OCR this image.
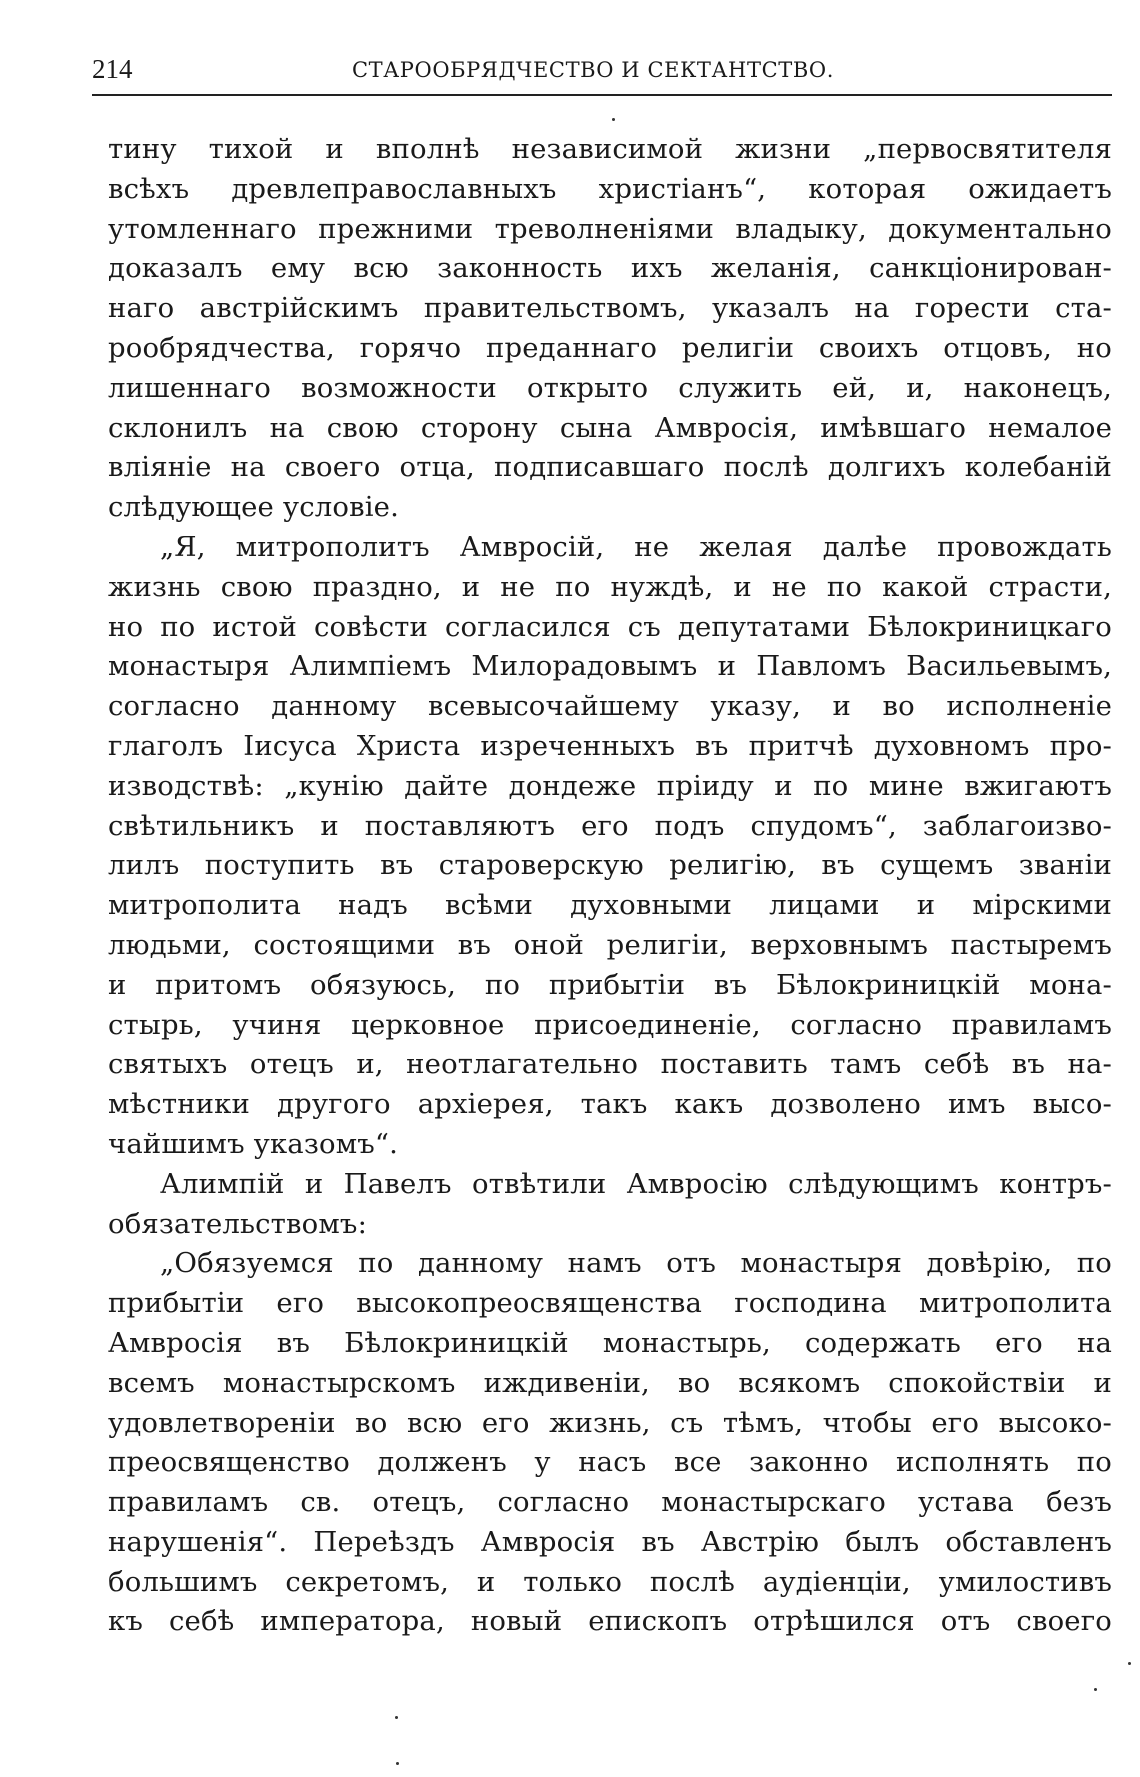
214	СТАРООБРЯДЧЕСТВО И СЕКТАНТСТВО.
тину тихой и вполнѣ независимой жизни „первосвятителя
всѣхъ древлеправославныхъ христіанъ“, которая ожидаетъ
утомленнаго прежними треволненіями владыку, документально
доказалъ ему всю законность ихъ желанія, санкціонирован-
наго австрійскимъ правительствомъ, указалъ на горести ста-
рообрядчества, горячо преданнаго религіи своихъ отцовъ, но
лишеннаго возможности открыто служить ей, и, наконецъ,
склонилъ на свою сторону сына Амвросія, имѣвшаго немалое
вліяніе на своего отца, подписавшаго послѣ долгихъ колебаній
слѣдующее условіе.
„Я, митрополитъ Амвросій, не желая далѣе провождать
жизнь свою праздно, и не по нуждѣ, и не по какой страсти,
но по истой совѣсти согласился съ депутатами Бѣлокриницкаго
монастыря Алимпіемъ Милорадовымъ и Павломъ Васильевымъ,
согласно данному всевысочайшему указу, и во исполненіе
глаголъ Іисуса Христа изреченныхъ въ притчѣ духовномъ про-
изводствѣ: „кунію дайте дондеже пріиду и по мине вжигаютъ
свѣтильникъ и поставляютъ его подъ спудомъ“, заблагоизво-
лилъ поступить въ староверскую религію, въ сущемъ званіи
митрополита надъ всѣми духовными лицами и мірскими
людьми, состоящими въ оной религіи, верховнымъ пастыремъ
и притомъ обязуюсь, по прибытіи въ Бѣлокриницкій мона-
стырь, учиня церковное присоединеніе, согласно правиламъ
святыхъ отецъ и, неотлагательно поставить тамъ себѣ въ на-
мѣстники другого архіерея, такъ какъ дозволено имъ высо-
чайшимъ указомъ“.
Алимпій и Павелъ отвѣтили Амвросію слѣдующимъ контръ-
обязательствомъ:
„Обязуемся по данному намъ отъ монастыря довѣрію, по
прибытіи его высокопреосвященства господина митрополита
Амвросія въ Бѣлокриницкій монастырь, содержать его на
всемъ монастырскомъ иждивеніи, во всякомъ спокойствіи и
удовлетвореніи во всю его жизнь, съ тѣмъ, чтобы его высоко-
преосвященство долженъ у насъ все законно исполнять по
правиламъ св. отецъ, согласно монастырскаго устава безъ
нарушенія“. Переѣздъ Амвросія въ Австрію былъ обставленъ
большимъ секретомъ, и только послѣ аудіенціи, умилостивъ
къ себѣ императора, новый епископъ отрѣшился отъ своего
